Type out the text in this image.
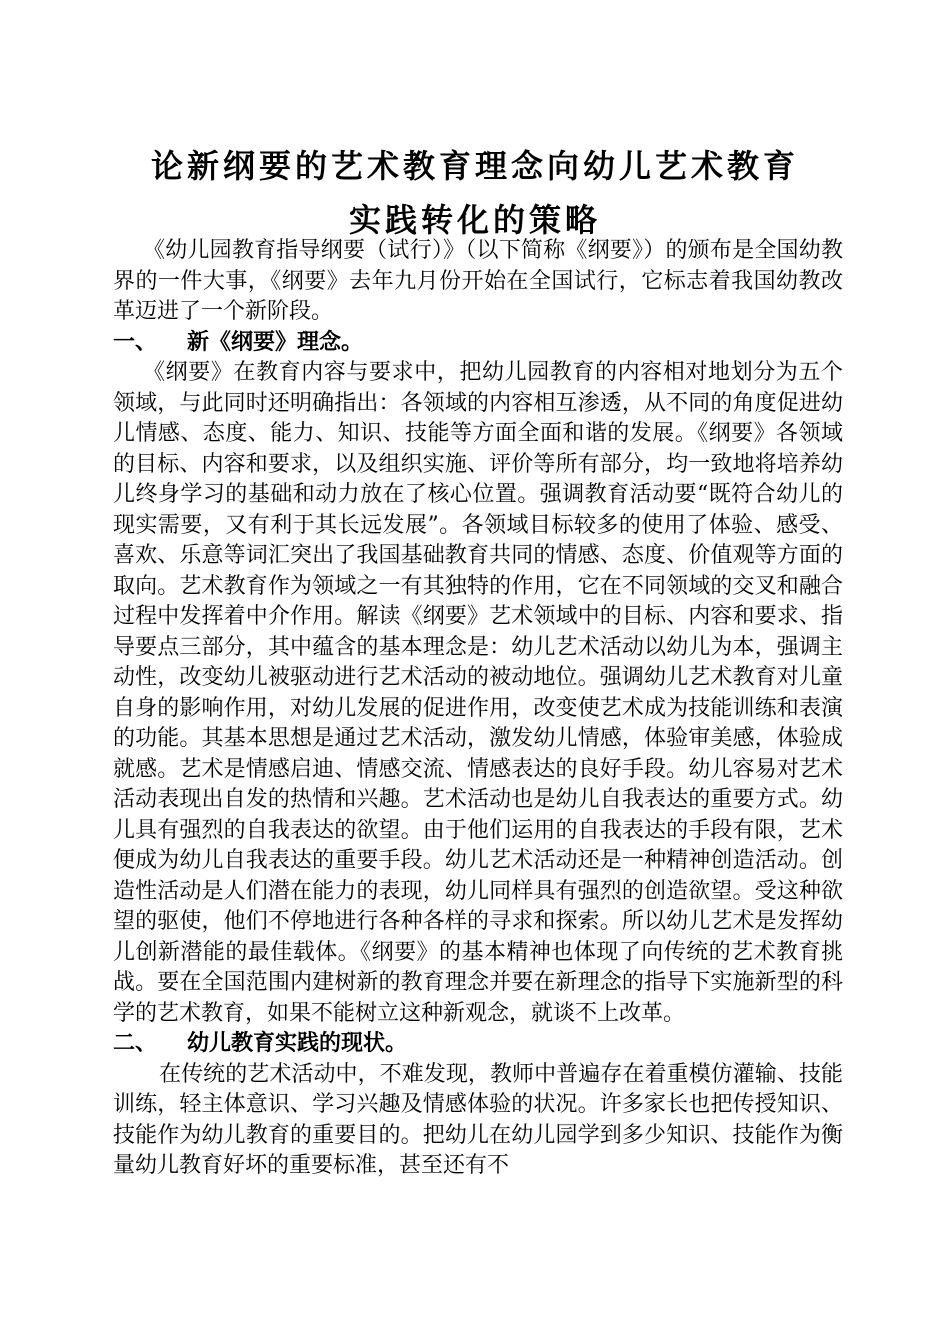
论新纲要的艺术教育理念向幼儿艺术教育
实践转化的策略

《幼儿园教育指导纲要（试行）》（以下简称《纲要》）的颁布是全国幼教界的一件大事，《纲要》去年九月份开始在全国试行，它标志着我国幼教改革迈进了一个新阶段。

一、 新《纲要》理念。

《纲要》在教育内容与要求中，把幼儿园教育的内容相对地划分为五个领域，与此同时还明确指出：各领域的内容相互渗透，从不同的角度促进幼儿情感、态度、能力、知识、技能等方面全面和谐的发展。《纲要》各领域的目标、内容和要求，以及组织实施、评价等所有部分，均一致地将培养幼儿终身学习的基础和动力放在了核心位置。强调教育活动要“既符合幼儿的现实需要，又有利于其长远发展”。各领域目标较多的使用了体验、感受、喜欢、乐意等词汇突出了我国基础教育共同的情感、态度、价值观等方面的取向。艺术教育作为领域之一有其独特的作用，它在不同领域的交叉和融合过程中发挥着中介作用。解读《纲要》艺术领域中的目标、内容和要求、指导要点三部分，其中蕴含的基本理念是：幼儿艺术活动以幼儿为本，强调主动性，改变幼儿被驱动进行艺术活动的被动地位。强调幼儿艺术教育对儿童自身的影响作用，对幼儿发展的促进作用，改变使艺术成为技能训练和表演的功能。其基本思想是通过艺术活动，激发幼儿情感，体验审美感，体验成就感。艺术是情感启迪、情感交流、情感表达的良好手段。幼儿容易对艺术活动表现出自发的热情和兴趣。艺术活动也是幼儿自我表达的重要方式。幼儿具有强烈的自我表达的欲望。由于他们运用的自我表达的手段有限，艺术便成为幼儿自我表达的重要手段。幼儿艺术活动还是一种精神创造活动。创造性活动是人们潜在能力的表现，幼儿同样具有强烈的创造欲望。受这种欲望的驱使，他们不停地进行各种各样的寻求和探索。所以幼儿艺术是发挥幼儿创新潜能的最佳载体。《纲要》的基本精神也体现了向传统的艺术教育挑战。要在全国范围内建树新的教育理念并要在新理念的指导下实施新型的科学的艺术教育，如果不能树立这种新观念，就谈不上改革。

二、 幼儿教育实践的现状。

在传统的艺术活动中，不难发现，教师中普遍存在着重模仿灌输、技能训练，轻主体意识、学习兴趣及情感体验的状况。许多家长也把传授知识、技能作为幼儿教育的重要目的。把幼儿在幼儿园学到多少知识、技能作为衡量幼儿教育好坏的重要标准，甚至还有不
